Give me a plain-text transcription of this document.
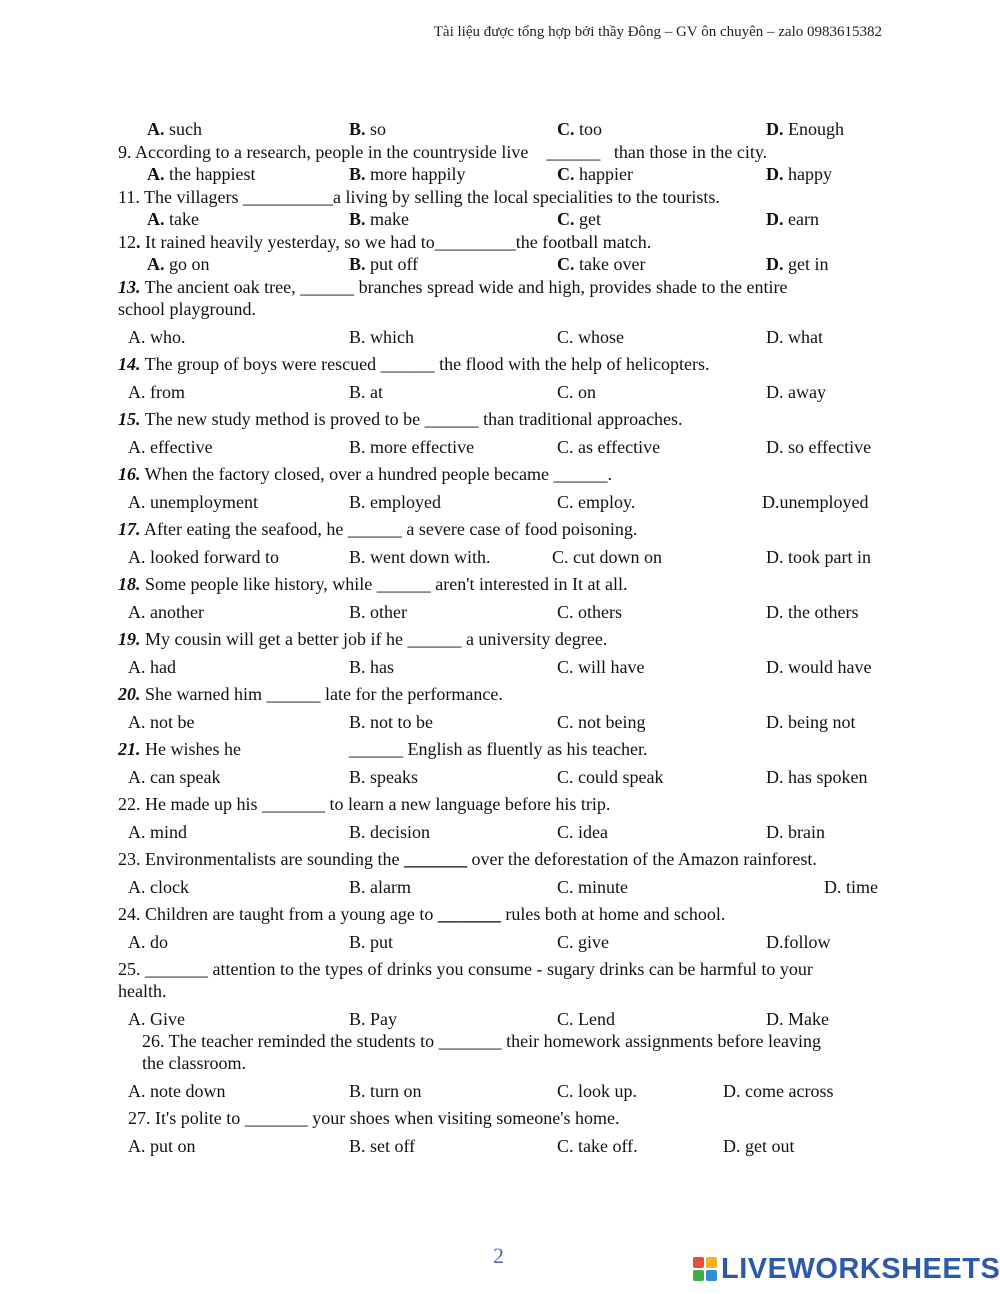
Tài liệu được tổng hợp bởi thầy Đông – GV ôn chuyên – zalo 0983615382
A. such	B. so	C. too	D. Enough
9. According to a research, people in the countryside live    ______   than those in the city.
A. the happiest	B. more happily	C. happier	D. happy
11. The villagers __________a living by selling the local specialities to the tourists.
A. take	B. make	C. get	D. earn
12. It rained heavily yesterday, so we had to_________the football match.
A. go on	B. put off	C. take over	D. get in
13. The ancient oak tree, ______ branches spread wide and high, provides shade to the entire
school playground.
A. who.	B. which	C. whose	D. what
14. The group of boys were rescued ______ the flood with the help of helicopters.
A. from	B. at	C. on	D. away
15. The new study method is proved to be ______ than traditional approaches.
A. effective	B. more effective	C. as effective	D. so effective
16. When the factory closed, over a hundred people became ______.
A. unemployment	B. employed	C. employ.	D.unemployed
17. After eating the seafood, he ______ a severe case of food poisoning.
A. looked forward to	B. went down with.	C. cut down on	D. took part in
18. Some people like history, while ______ aren't interested in It at all.
A. another	B. other	C. others	D. the others
19. My cousin will get a better job if he ______ a university degree.
A. had	B. has	C. will have	D. would have
20. She warned him ______ late for the performance.
A. not be	B. not to be	C. not being	D. being not
21. He wishes he	______ English as fluently as his teacher.
A. can speak	B. speaks	C. could speak	D. has spoken
22. He made up his _______ to learn a new language before his trip.
A. mind	B. decision	C. idea	D. brain
23. Environmentalists are sounding the _______ over the deforestation of the Amazon rainforest.
A. clock	B. alarm	C. minute	D. time
24. Children are taught from a young age to _______ rules both at home and school.
A. do	B. put	C. give	D.follow
25. _______ attention to the types of drinks you consume - sugary drinks can be harmful to your
health.
A. Give	B. Pay	C. Lend	D. Make
26. The teacher reminded the students to _______ their homework assignments before leaving
the classroom.
A. note down	B. turn on	C. look up.	D. come across
27. It's polite to _______ your shoes when visiting someone's home.
A. put on	B. set off	C. take off.	D. get out
2	LIVEWORKSHEETS
